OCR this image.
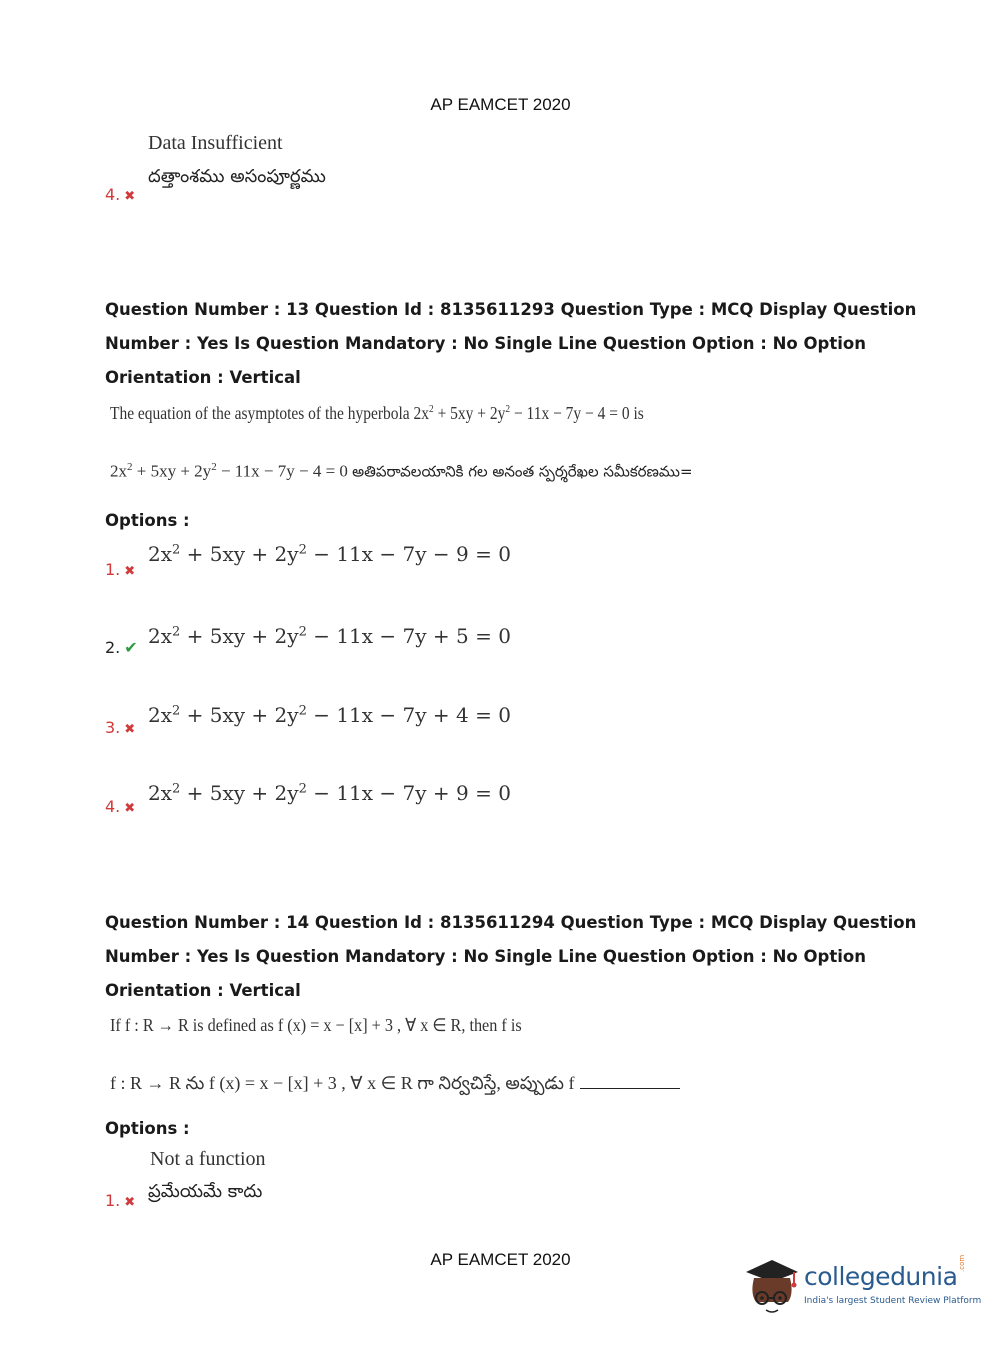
AP EAMCET 2020
Data Insufficient
దత్తాంశము అసంపూర్ణము
4. ✖
Question Number : 13 Question Id : 8135611293 Question Type : MCQ Display Question
Number : Yes Is Question Mandatory : No Single Line Question Option : No Option
Orientation : Vertical
The equation of the asymptotes of the hyperbola $2x^2 + 5xy + 2y^2 - 11x - 7y - 4 = 0$ is
$2x^2 + 5xy + 2y^2 - 11x - 7y - 4 = 0$ అతిపరావలయానికి గల అనంత స్పర్శరేఖల సమీకరణము=
Options :
1. ✖
$2x^2 + 5xy + 2y^2 - 11x - 7y - 9 = 0$
2. ✔ $2x^2 + 5xy + 2y^2 - 11x - 7y + 5 = 0$
3. ✖
$2x^2 + 5xy + 2y^2 - 11x - 7y + 4 = 0$
4. ✖
$2x^2 + 5xy + 2y^2 - 11x - 7y + 9 = 0$
Question Number : 14 Question Id : 8135611294 Question Type : MCQ Display Question
Number : Yes Is Question Mandatory : No Single Line Question Option : No Option
Orientation : Vertical
If f : R → R is defined as f (x) = x − [x] + 3 , ∀ x ∈ R, then f is
f : R → R ను f (x) = x − [x] + 3 , ∀ x ∈ R గా నిర్వచిస్తే, అప్పుడు f
Options :
Not a function
ప్రమేయమే కాదు
1. ✖
AP EAMCET 2020
collegedunia
India's largest Student Review Platform
.com
